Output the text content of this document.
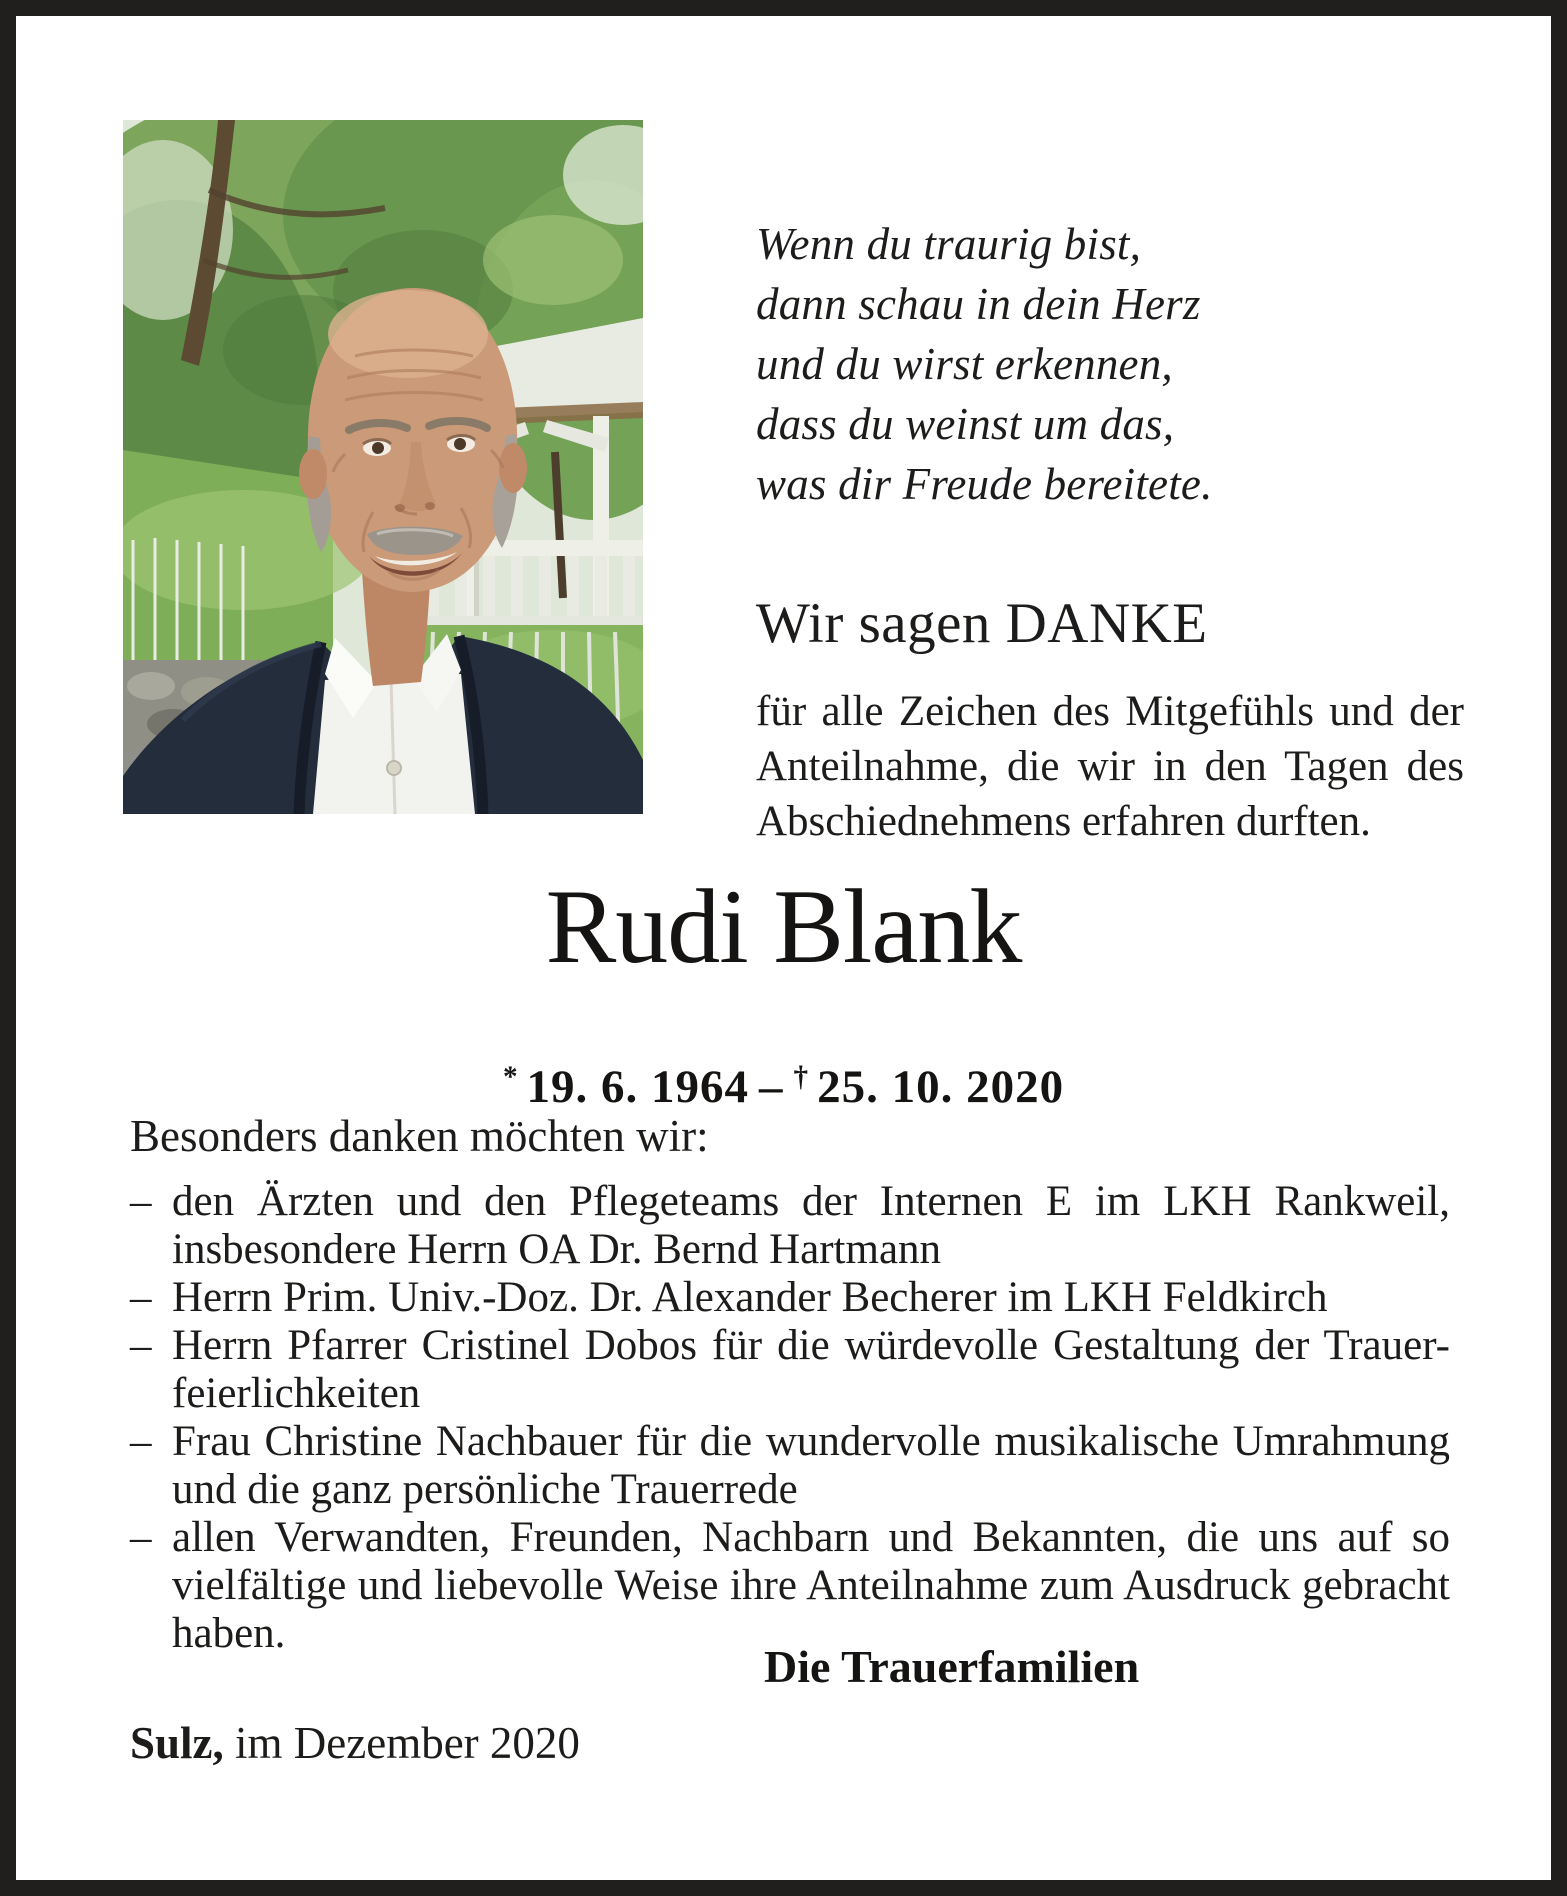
Wenn du traurig bist,
dann schau in dein Herz
und du wirst erkennen,
dass du weinst um das,
was dir Freude bereitete.
Wir sagen DANKE
für alle Zeichen des Mitgefühls und der
Anteilnahme, die wir in den Tagen des
Abschiednehmens erfahren durften.
Rudi Blank
* 19. 6. 1964 – † 25. 10. 2020
Besonders danken möchten wir:
– den Ärzten und den Pflegeteams der Internen E im LKH Rankweil,
insbesondere Herrn OA Dr. Bernd Hartmann
– Herrn Prim. Univ.-Doz. Dr. Alexander Becherer im LKH Feldkirch
– Herrn Pfarrer Cristinel Dobos für die würdevolle Gestaltung der Trauer-
feierlichkeiten
– Frau Christine Nachbauer für die wundervolle musikalische Umrahmung
und die ganz persönliche Trauerrede
– allen Verwandten, Freunden, Nachbarn und Bekannten, die uns auf so
vielfältige und liebevolle Weise ihre Anteilnahme zum Ausdruck gebracht
haben.
Die Trauerfamilien
Sulz, im Dezember 2020
